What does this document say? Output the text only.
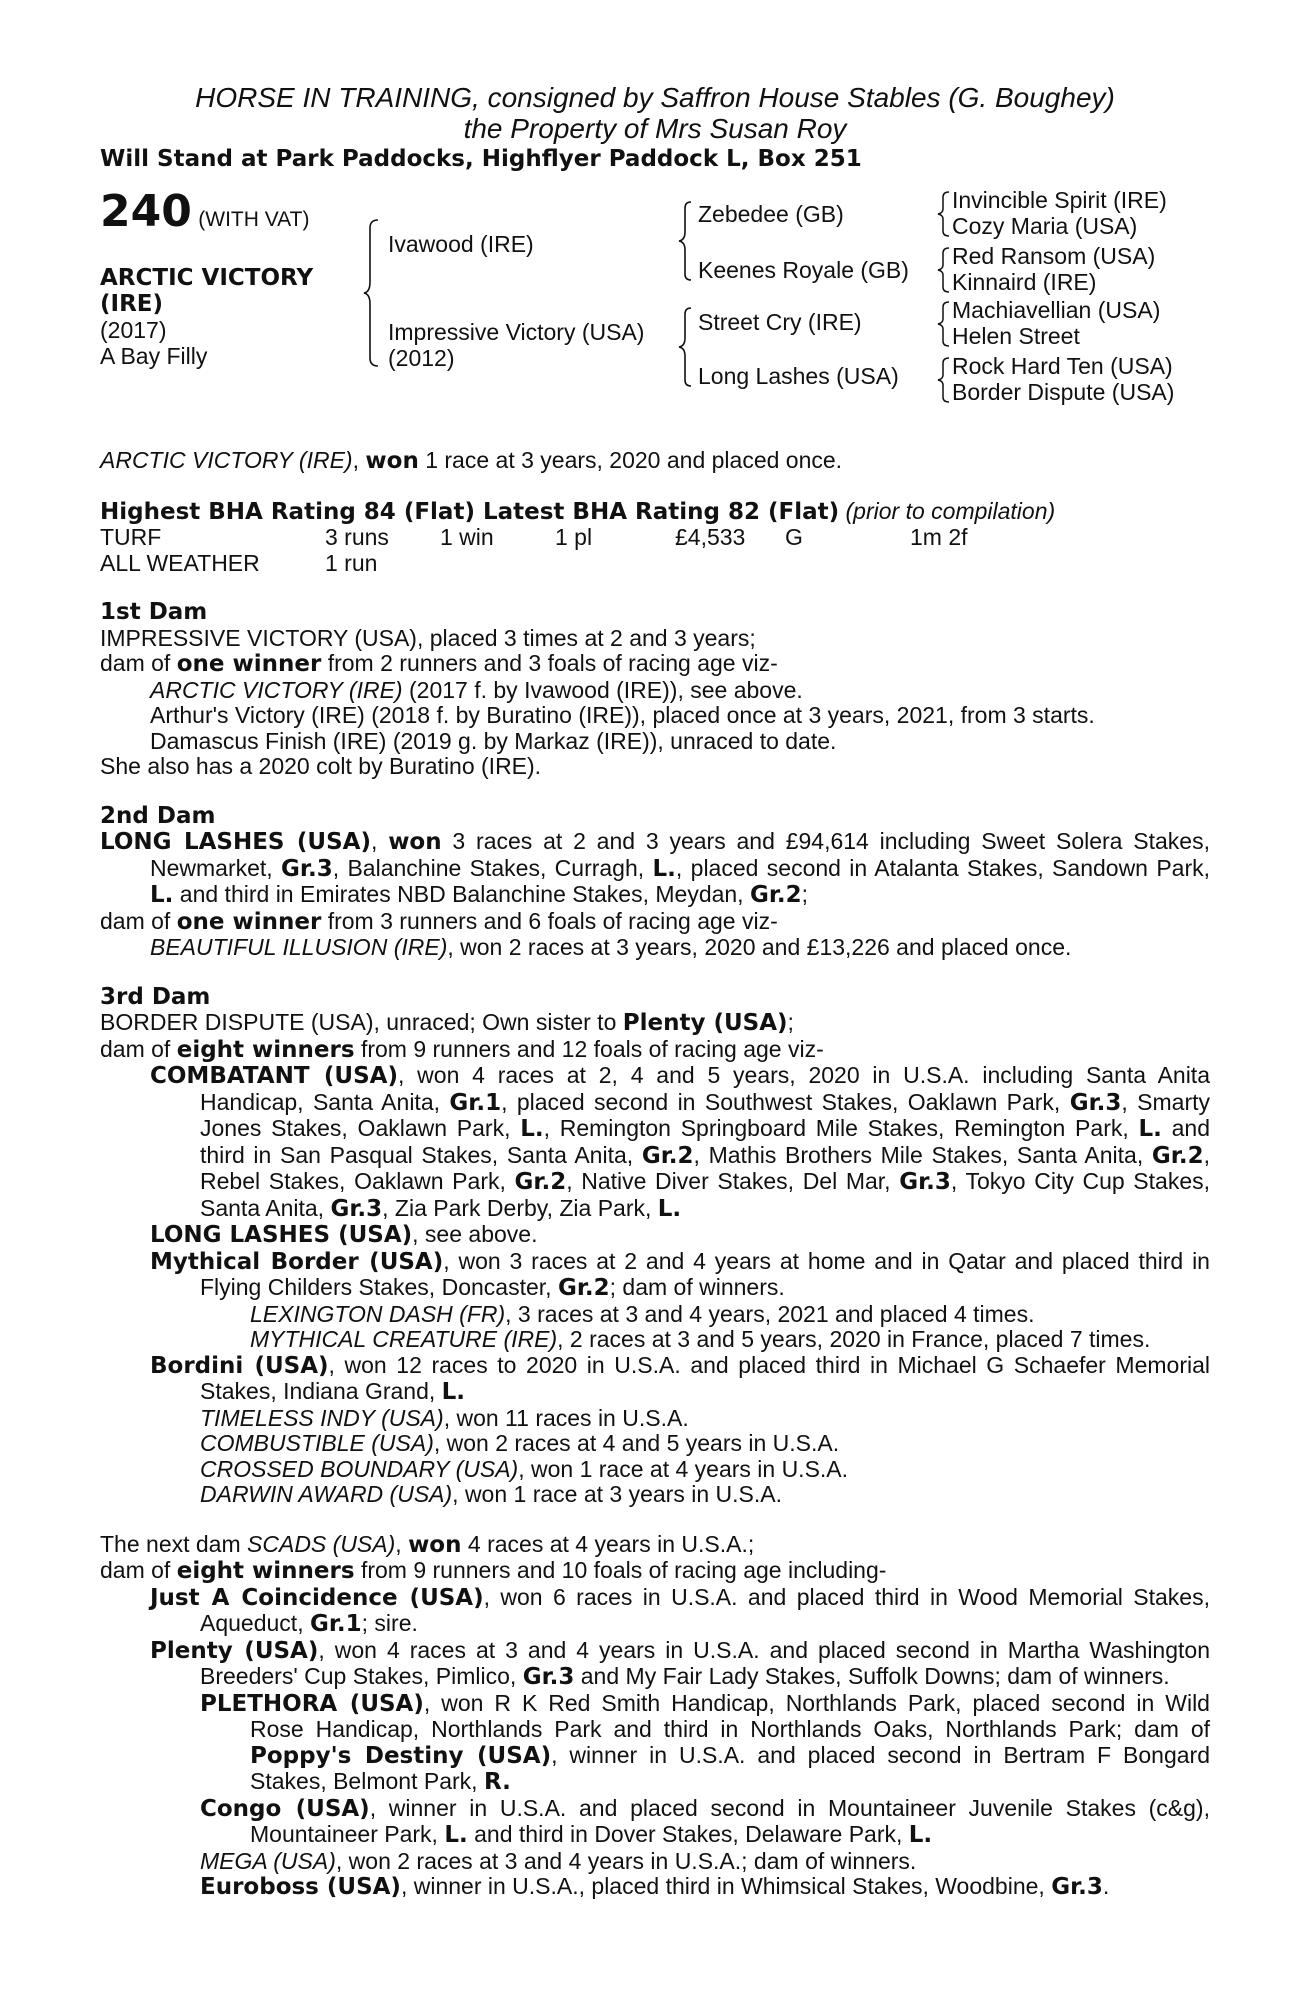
HORSE IN TRAINING, consigned by Saffron House Stables (G. Boughey)
the Property of Mrs Susan Roy
Will Stand at Park Paddocks, Highflyer Paddock L, Box 251
240 (WITH VAT)
ARCTIC VICTORY
(IRE)
(2017)
A Bay Filly
Ivawood (IRE)
Impressive Victory (USA)
(2012)
Zebedee (GB)
Keenes Royale (GB)
Street Cry (IRE)
Long Lashes (USA)
Invincible Spirit (IRE)
Cozy Maria (USA)
Red Ransom (USA)
Kinnaird (IRE)
Machiavellian (USA)
Helen Street
Rock Hard Ten (USA)
Border Dispute (USA)

ARCTIC VICTORY (IRE), won 1 race at 3 years, 2020 and placed once.

Highest BHA Rating 84 (Flat) Latest BHA Rating 82 (Flat) (prior to compilation)

TURF	3 runs	1 win	1 pl	£4,533	G	1m 2f
ALL WEATHER	1 run

1st Dam

IMPRESSIVE VICTORY (USA), placed 3 times at 2 and 3 years;

dam of one winner from 2 runners and 3 foals of racing age viz-

ARCTIC VICTORY (IRE) (2017 f. by Ivawood (IRE)), see above.

Arthur's Victory (IRE) (2018 f. by Buratino (IRE)), placed once at 3 years, 2021, from 3 starts.

Damascus Finish (IRE) (2019 g. by Markaz (IRE)), unraced to date.

She also has a 2020 colt by Buratino (IRE).

2nd Dam

LONG LASHES (USA), won 3 races at 2 and 3 years and £94,614 including Sweet Solera Stakes, Newmarket, Gr.3, Balanchine Stakes, Curragh, L., placed second in Atalanta Stakes, Sandown Park, L. and third in Emirates NBD Balanchine Stakes, Meydan, Gr.2;

dam of one winner from 3 runners and 6 foals of racing age viz-

BEAUTIFUL ILLUSION (IRE), won 2 races at 3 years, 2020 and £13,226 and placed once.

3rd Dam

BORDER DISPUTE (USA), unraced; Own sister to Plenty (USA);

dam of eight winners from 9 runners and 12 foals of racing age viz-

COMBATANT (USA), won 4 races at 2, 4 and 5 years, 2020 in U.S.A. including Santa Anita Handicap, Santa Anita, Gr.1, placed second in Southwest Stakes, Oaklawn Park, Gr.3, Smarty Jones Stakes, Oaklawn Park, L., Remington Springboard Mile Stakes, Remington Park, L. and third in San Pasqual Stakes, Santa Anita, Gr.2, Mathis Brothers Mile Stakes, Santa Anita, Gr.2, Rebel Stakes, Oaklawn Park, Gr.2, Native Diver Stakes, Del Mar, Gr.3, Tokyo City Cup Stakes, Santa Anita, Gr.3, Zia Park Derby, Zia Park, L.

LONG LASHES (USA), see above.

Mythical Border (USA), won 3 races at 2 and 4 years at home and in Qatar and placed third in Flying Childers Stakes, Doncaster, Gr.2; dam of winners.

LEXINGTON DASH (FR), 3 races at 3 and 4 years, 2021 and placed 4 times.

MYTHICAL CREATURE (IRE), 2 races at 3 and 5 years, 2020 in France, placed 7 times.

Bordini (USA), won 12 races to 2020 in U.S.A. and placed third in Michael G Schaefer Memorial Stakes, Indiana Grand, L.

TIMELESS INDY (USA), won 11 races in U.S.A.

COMBUSTIBLE (USA), won 2 races at 4 and 5 years in U.S.A.

CROSSED BOUNDARY (USA), won 1 race at 4 years in U.S.A.

DARWIN AWARD (USA), won 1 race at 3 years in U.S.A.

The next dam SCADS (USA), won 4 races at 4 years in U.S.A.;

dam of eight winners from 9 runners and 10 foals of racing age including-

Just A Coincidence (USA), won 6 races in U.S.A. and placed third in Wood Memorial Stakes, Aqueduct, Gr.1; sire.

Plenty (USA), won 4 races at 3 and 4 years in U.S.A. and placed second in Martha Washington Breeders' Cup Stakes, Pimlico, Gr.3 and My Fair Lady Stakes, Suffolk Downs; dam of winners.

PLETHORA (USA), won R K Red Smith Handicap, Northlands Park, placed second in Wild Rose Handicap, Northlands Park and third in Northlands Oaks, Northlands Park; dam of Poppy's Destiny (USA), winner in U.S.A. and placed second in Bertram F Bongard Stakes, Belmont Park, R.

Congo (USA), winner in U.S.A. and placed second in Mountaineer Juvenile Stakes (c&g), Mountaineer Park, L. and third in Dover Stakes, Delaware Park, L.

MEGA (USA), won 2 races at 3 and 4 years in U.S.A.; dam of winners.

Euroboss (USA), winner in U.S.A., placed third in Whimsical Stakes, Woodbine, Gr.3.
